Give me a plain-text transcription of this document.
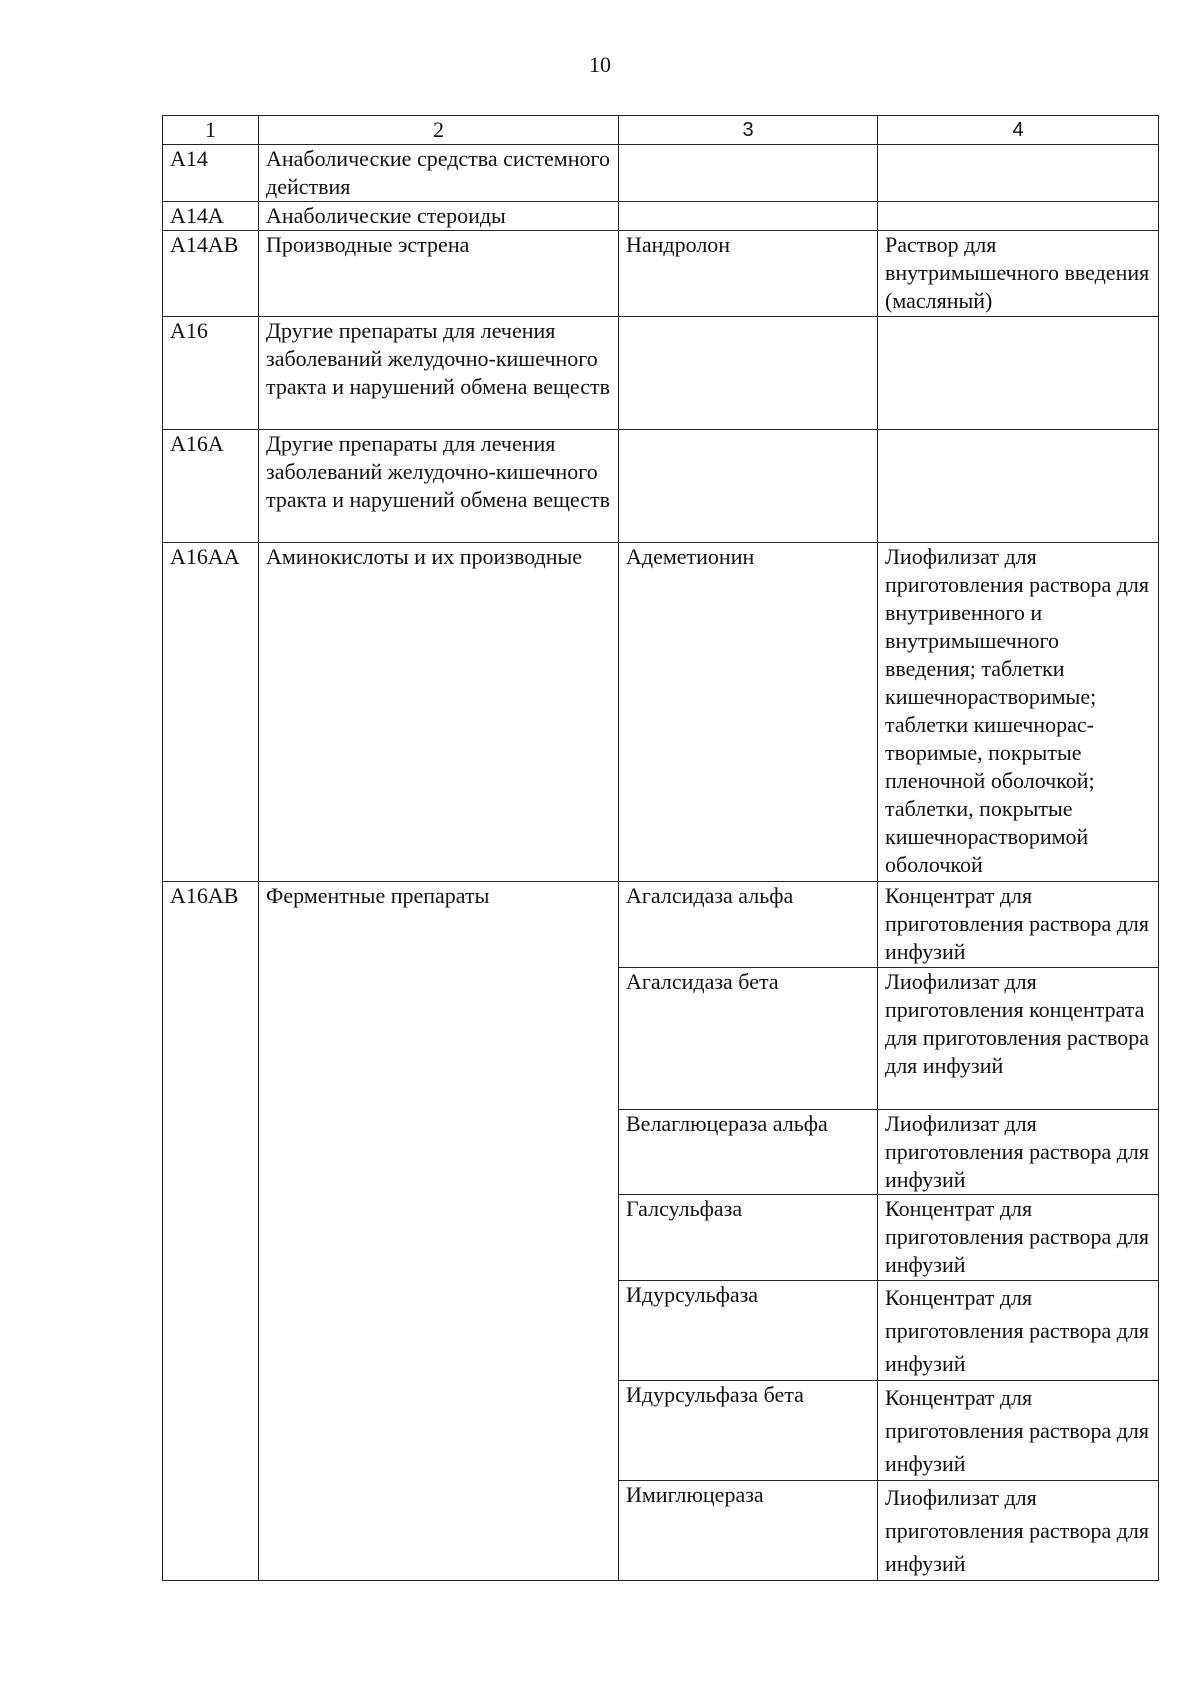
10
1	2	3	4
А14	Анаболические средства системного действия		
А14А	Анаболические стероиды		
А14АВ	Производные эстрена	Нандролон	Раствор для внутримышечного введения (масляный)
А16	Другие препараты для лечения заболеваний желудочно-кишечного тракта и нарушений обмена веществ		
А16А	Другие препараты для лечения заболеваний желудочно-кишечного тракта и нарушений обмена веществ		
А16АА	Аминокислоты и их производные	Адеметионин	Лиофилизат для приготовления раствора для внутривенного и внутримышечного введения; таблетки кишечнорастворимые; таблетки кишечнорас-творимые, покрытые пленочной оболочкой; таблетки, покрытые кишечнорастворимой оболочкой
А16АВ	Ферментные препараты	Агалсидаза альфа	Концентрат для приготовления раствора для инфузий
		Агалсидаза бета	Лиофилизат для приготовления концентрата для приготовления раствора для инфузий
		Велаглюцераза альфа	Лиофилизат для приготовления раствора для инфузий
		Галсульфаза	Концентрат для приготовления раствора для инфузий
		Идурсульфаза	Концентрат для приготовления раствора для инфузий
		Идурсульфаза бета	Концентрат для приготовления раствора для инфузий
		Имиглюцераза	Лиофилизат для приготовления раствора для инфузий
